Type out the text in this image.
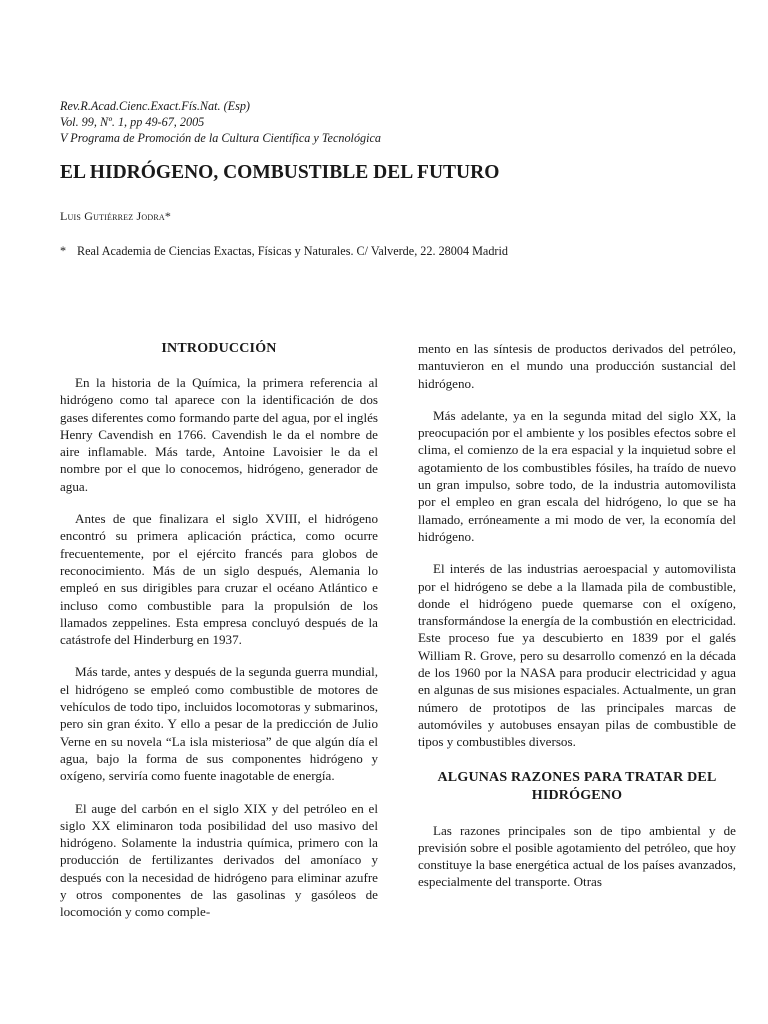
Rev.R.Acad.Cienc.Exact.Fís.Nat. (Esp)
Vol. 99, Nº. 1, pp 49-67, 2005
V Programa de Promoción de la Cultura Científica y Tecnológica
EL HIDRÓGENO, COMBUSTIBLE DEL FUTURO
Luis Gutiérrez Jodra*
* Real Academia de Ciencias Exactas, Físicas y Naturales. C/ Valverde, 22. 28004 Madrid
INTRODUCCIÓN

En la historia de la Química, la primera referencia al hidrógeno como tal aparece con la identificación de dos gases diferentes como formando parte del agua, por el inglés Henry Cavendish en 1766. Cavendish le da el nombre de aire inflamable. Más tarde, Antoine Lavoisier le da el nombre por el que lo conocemos, hidrógeno, generador de agua.

Antes de que finalizara el siglo XVIII, el hidrógeno encontró su primera aplicación práctica, como ocurre frecuentemente, por el ejército francés para globos de reconocimiento. Más de un siglo después, Alemania lo empleó en sus dirigibles para cruzar el océano Atlántico e incluso como combustible para la propulsión de los llamados zeppelines. Esta empresa concluyó después de la catástrofe del Hinderburg en 1937.

Más tarde, antes y después de la segunda guerra mundial, el hidrógeno se empleó como combustible de motores de vehículos de todo tipo, incluidos locomotoras y submarinos, pero sin gran éxito. Y ello a pesar de la predicción de Julio Verne en su novela “La isla misteriosa” de que algún día el agua, bajo la forma de sus componentes hidrógeno y oxígeno, serviría como fuente inagotable de energía.

El auge del carbón en el siglo XIX y del petróleo en el siglo XX eliminaron toda posibilidad del uso masivo del hidrógeno. Solamente la industria química, primero con la producción de fertilizantes derivados del amoníaco y después con la necesidad de hidrógeno para eliminar azufre y otros componentes de las gasolinas y gasóleos de locomoción y como comple-

mento en las síntesis de productos derivados del petróleo, mantuvieron en el mundo una producción sustancial del hidrógeno.

Más adelante, ya en la segunda mitad del siglo XX, la preocupación por el ambiente y los posibles efectos sobre el clima, el comienzo de la era espacial y la inquietud sobre el agotamiento de los combustibles fósiles, ha traído de nuevo un gran impulso, sobre todo, de la industria automovilista por el empleo en gran escala del hidrógeno, lo que se ha llamado, erróneamente a mi modo de ver, la economía del hidrógeno.

El interés de las industrias aeroespacial y automovilista por el hidrógeno se debe a la llamada pila de combustible, donde el hidrógeno puede quemarse con el oxígeno, transformándose la energía de la combustión en electricidad. Este proceso fue ya descubierto en 1839 por el galés William R. Grove, pero su desarrollo comenzó en la década de los 1960 por la NASA para producir electricidad y agua en algunas de sus misiones espaciales. Actualmente, un gran número de prototipos de las principales marcas de automóviles y autobuses ensayan pilas de combustible de tipos y combustibles diversos.

ALGUNAS RAZONES PARA TRATAR DEL HIDRÓGENO

Las razones principales son de tipo ambiental y de previsión sobre el posible agotamiento del petróleo, que hoy constituye la base energética actual de los países avanzados, especialmente del transporte. Otras
